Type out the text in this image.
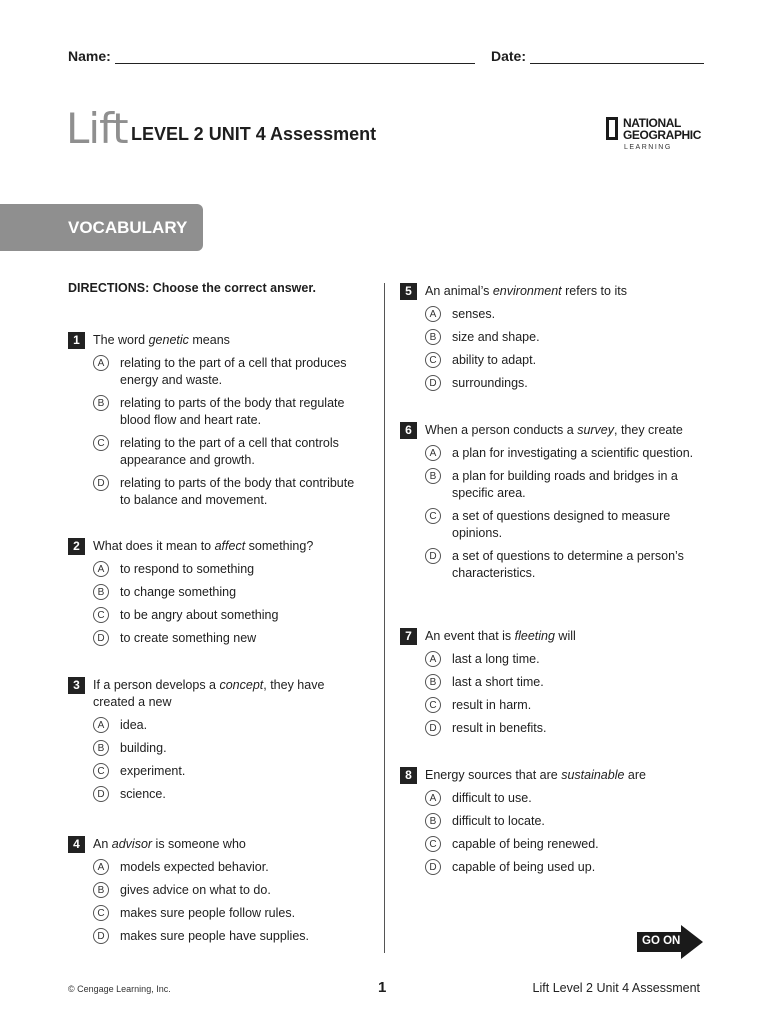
Name:	Date:
Lift LEVEL 2 UNIT 4 Assessment
NATIONAL
GEOGRAPHIC
LEARNING
VOCABULARY
DIRECTIONS: Choose the correct answer.
1	The word genetic means
A	relating to the part of a cell that produces energy and waste.
B	relating to parts of the body that regulate blood flow and heart rate.
C	relating to the part of a cell that controls appearance and growth.
D	relating to parts of the body that contribute to balance and movement.
2	What does it mean to affect something?
A	to respond to something
B	to change something
C	to be angry about something
D	to create something new
3	If a person develops a concept, they have created a new
A	idea.
B	building.
C	experiment.
D	science.
4	An advisor is someone who
A	models expected behavior.
B	gives advice on what to do.
C	makes sure people follow rules.
D	makes sure people have supplies.
5	An animal’s environment refers to its
A	senses.
B	size and shape.
C	ability to adapt.
D	surroundings.
6	When a person conducts a survey, they create
A	a plan for investigating a scientific question.
B	a plan for building roads and bridges in a specific area.
C	a set of questions designed to measure opinions.
D	a set of questions to determine a person’s characteristics.
7	An event that is fleeting will
A	last a long time.
B	last a short time.
C	result in harm.
D	result in benefits.
8	Energy sources that are sustainable are
A	difficult to use.
B	difficult to locate.
C	capable of being renewed.
D	capable of being used up.
GO ON
© Cengage Learning, Inc.	1	Lift Level 2 Unit 4 Assessment
